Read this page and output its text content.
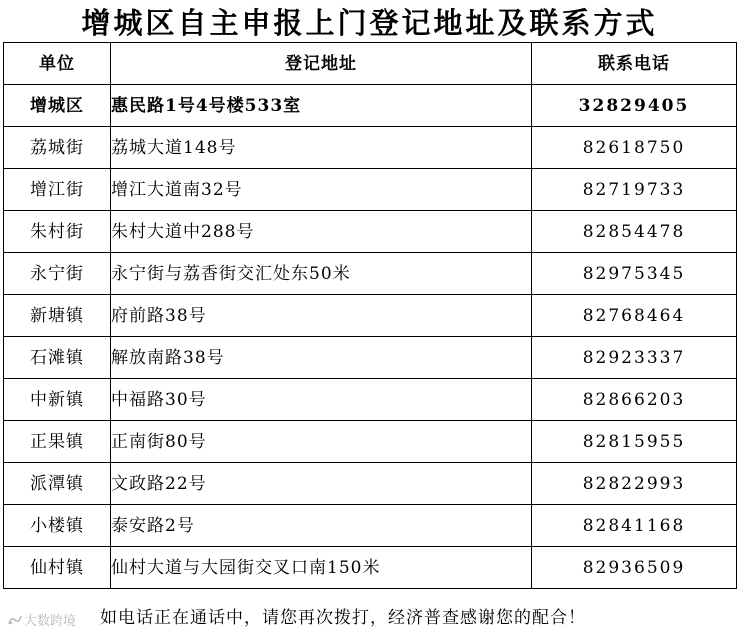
增城区自主申报上门登记地址及联系方式
单位	登记地址	联系电话
增城区	惠民路1号4号楼533室	32829405
荔城街	荔城大道148号	82618750
增江街	增江大道南32号	82719733
朱村街	朱村大道中288号	82854478
永宁街	永宁街与荔香街交汇处东50米	82975345
新塘镇	府前路38号	82768464
石滩镇	解放南路38号	82923337
中新镇	中福路30号	82866203
正果镇	正南街80号	82815955
派潭镇	文政路22号	82822993
小楼镇	泰安路2号	82841168
仙村镇	仙村大道与大园街交叉口南150米	82936509
大数跨境 如电话正在通话中，请您再次拨打，经济普查感谢您的配合！
